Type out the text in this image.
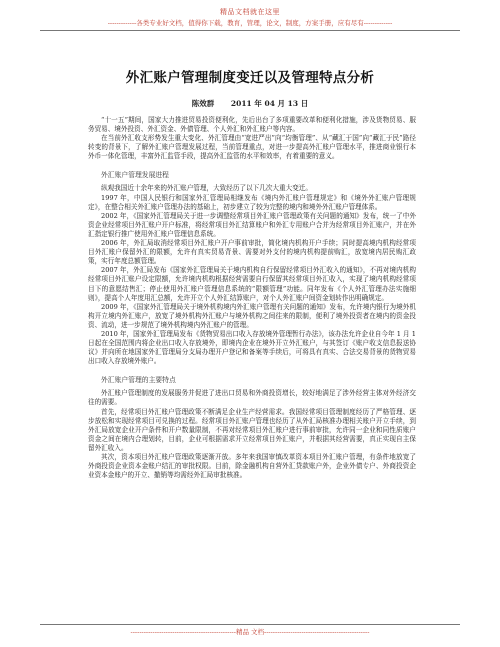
精品文档就在这里
-------------各类专业好文档，值得你下载，教育，管理，论文，制度，方案手册，应有尽有-------------
外汇账户管理制度变迁以及管理特点分析
陈效群 2011 年 04 月 13 日

“十一五”期间，国家大力推进贸易投资便利化，先后出台了多项重要改革和便利化措施，涉及货物贸易、服务贸易、境外投资、外汇资金、外债管理、个人外汇和外汇账户等内容。

在当前外汇收支形势发生重大变化、外汇管理由“宽进严出”向“均衡管理”、从“藏汇于国”向“藏汇于民”路径转变的背景下，了解外汇账户管理发展过程，当前管理重点，对进一步提高外汇账户管理水平，推进商业银行本外币一体化管理，丰富外汇监管手段，提高外汇监管的水平和效率，有着重要的意义。

外汇账户管理发展进程

纵观我国近十余年来的外汇账户管理，大致经历了以下几次大重大变迁。

1997 年，中国人民银行和国家外汇管理局相继发布《境内外汇账户管理规定》和《境外外汇账户管理规定》，在整合相关外汇账户管理办法的基础上，初步建立了较为完整的境内和境外外汇账户管理体系。

2002 年，《国家外汇管理局关于进一步调整经常项目外汇账户管理政策有关问题的通知》发布，统一了中外资企业经常项目外汇账户开户标准，将经常项目外汇结算账户和外汇专用账户合并为经常项目外汇账户，并在外汇指定银行推广使用外汇账户管理信息系统。

2006 年，外汇局取消经常项目外汇账户开户事前审批，简化境内机构开户手续；同时提高境内机构经常项目外汇账户保留外汇的限额，允许有真实贸易背景、需要对外支付的境内机构提前购汇，放宽境内居民购汇政策，实行年度总额管理。

2007 年，外汇局发布《国家外汇管理局关于境内机构自行保留经常项目外汇收入的通知》，不再对境内机构经常项目外汇账户设定限额，允许境内机构根据经营需要自行保留其经常项目外汇收入，实现了境内机构经常项目下的意愿结售汇；停止使用外汇账户管理信息系统的“限额管理”功能。同年发布《个人外汇管理办法实施细则》，提高个人年度用汇总额，允许开立个人外汇结算账户，对个人外汇账户间资金划转作出明确规定。

2009 年，《国家外汇管理局关于境外机构境内外汇账户管理有关问题的通知》发布，允许境内银行为境外机构开立境内外汇账户，放宽了境外机构外汇账户与境外机构之间往来的限制，便利了境外投资者在境内的资金投资、流动，进一步规范了境外机构境内外汇账户的管理。

2010 年，国家外汇管理局发布《货物贸易出口收入存放境外管理暂行办法》，该办法允许企业自今年 1 月 1 日起在全国范围内将企业出口收入存放境外，即境内企业在境外开立外汇账户，与其签订《账户收支信息报送协议》并向所在地国家外汇管理局分支局办理开户登记和备案等手续后，可将具有真实、合法交易背景的货物贸易出口收入存放境外账户。

外汇账户管理的主要特点

外汇账户管理制度的发展服务并促进了进出口贸易和外商投资增长，较好地满足了涉外经营主体对外经济交往的需要。

首先，经常项目外汇账户管理政策不断满足企业生产经营需求。我国经常项目管理制度经历了严格管理、逐步放松和实现经常项目可兑换的过程。经常项目外汇账户管理也经历了从外汇局核准办理相关账户开立手续，到外汇局放宽企业开户条件和开户数量限制，不再对经常项目外汇账户进行事前审批，允许同一企业和同性质账户资金之间在境内合理划转，目前，企业可根据需求开立经常项目外汇账户，并根据其经营需要，真正实现自主保留外汇收入。

其次，资本项目外汇账户管理政策逐渐开放。多年来我国审慎改革资本项目外汇账户管理，有条件地放宽了外商投资企业资本金账户结汇的审批权限。目前，除金融机构自营外汇贷款账户外，企业外债专户、外商投资企业资本金账户的开立、撤销等均需经外汇局审批核准。

------------------------------------------------精品 文档------------------------------------------------
